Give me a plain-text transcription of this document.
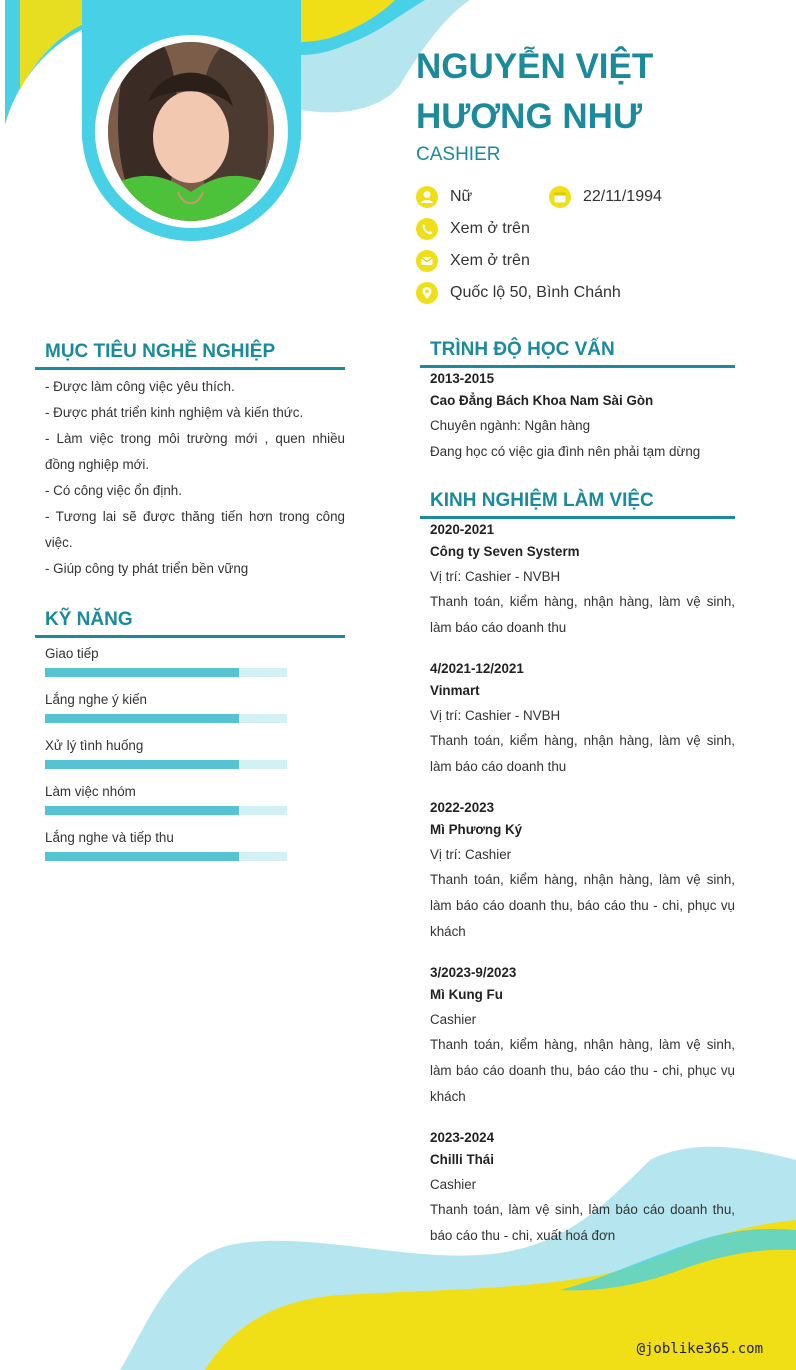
NGUYỄN VIỆT
HƯƠNG NHƯ

CASHIER

Nữ	22/11/1994
Xem ở trên
Xem ở trên
Quốc lộ 50, Bình Chánh
MỤC TIÊU NGHỀ NGHIỆP

- Được làm công việc yêu thích.

- Được phát triển kinh nghiệm và kiến thức.

- Làm việc trong môi trường mới , quen nhiều đồng nghiệp mới.

- Có công việc ổn định.

- Tương lai sẽ được thăng tiến hơn trong công việc.

- Giúp công ty phát triển bền vững

KỸ NĂNG
Giao tiếp
Lắng nghe ý kiến
Xử lý tình huống
Làm việc nhóm
Lắng nghe và tiếp thu
TRÌNH ĐỘ HỌC VẤN
2013-2015
Cao Đẳng Bách Khoa Nam Sài Gòn
Chuyên ngành: Ngân hàng
Đang học có việc gia đình nên phải tạm dừng
KINH NGHIỆM LÀM VIỆC
2020-2021
Công ty Seven Systerm
Vị trí: Cashier - NVBH
Thanh toán, kiểm hàng, nhận hàng, làm vệ sinh, làm báo cáo doanh thu
4/2021-12/2021
Vinmart
Vị trí: Cashier - NVBH
Thanh toán, kiểm hàng, nhận hàng, làm vệ sinh, làm báo cáo doanh thu
2022-2023
Mì Phương Ký
Vị trí: Cashier
Thanh toán, kiểm hàng, nhận hàng, làm vệ sinh, làm báo cáo doanh thu, báo cáo thu - chi, phục vụ khách
3/2023-9/2023
Mì Kung Fu
Cashier
Thanh toán, kiểm hàng, nhận hàng, làm vệ sinh, làm báo cáo doanh thu, báo cáo thu - chi, phục vụ khách
2023-2024
Chilli Thái
Cashier
Thanh toán, làm vệ sinh, làm báo cáo doanh thu, báo cáo thu - chi, xuất hoá đơn
@joblike365.com
